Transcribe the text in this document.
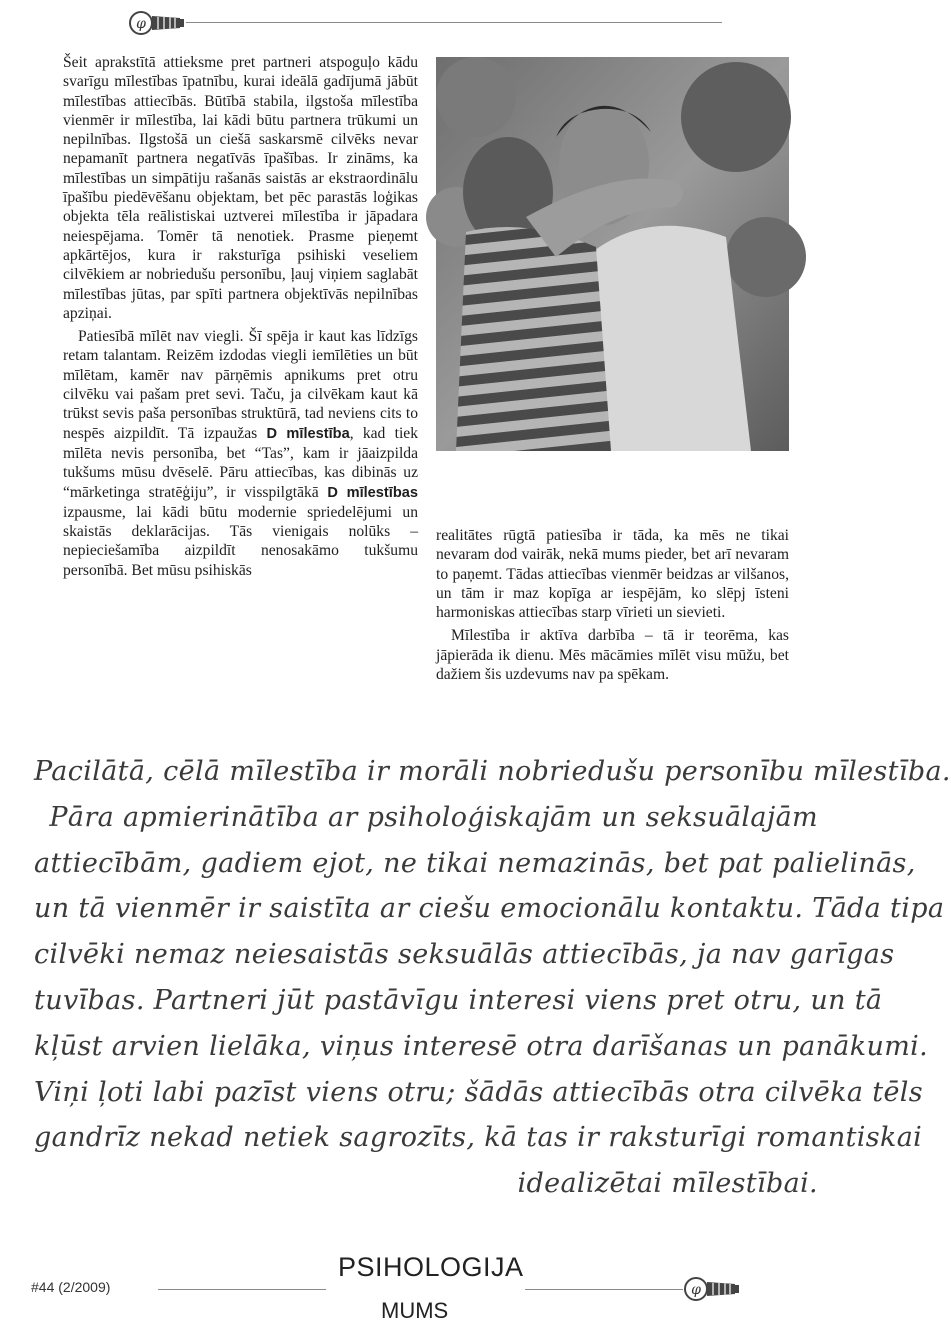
φ

Šeit aprakstītā attieksme pret partneri atspoguļo kādu svarīgu mīlestības īpatnību, kurai ideālā gadījumā jābūt mīlestības attiecībās. Būtībā stabila, ilgstoša mīlestība vienmēr ir mīlestība, lai kādi būtu partnera trūkumi un nepilnības. Ilgstošā un ciešā saskarsmē cilvēks nevar nepamanīt partnera negatīvās īpašības. Ir zināms, ka mīlestības un simpātiju rašanās saistās ar ekstraordinālu īpašību piedēvēšanu objektam, bet pēc parastās loģikas objekta tēla reālistiskai uztverei mīlestība ir jāpadara neiespējama. Tomēr tā nenotiek. Prasme pieņemt apkārtējos, kura ir raksturīga psihiski veseliem cilvēkiem ar nobriedušu personību, ļauj viņiem saglabāt mīlestības jūtas, par spīti partnera objektīvās nepilnības apziņai.

Patiesībā mīlēt nav viegli. Šī spēja ir kaut kas līdzīgs retam talantam. Reizēm izdodas viegli iemīlēties un būt mīlētam, kamēr nav pārņēmis apnikums pret otru cilvēku vai pašam pret sevi. Taču, ja cilvēkam kaut kā trūkst sevis paša personības struktūrā, tad neviens cits to nespēs aizpildīt. Tā izpaužas D mīlestība, kad tiek mīlēta nevis personība, bet “Tas”, kam ir jāaizpilda tukšums mūsu dvēselē. Pāru attiecības, kas dibinās uz “mārketinga stratēģiju”, ir visspilgtākā D mīlestības izpausme, lai kādi būtu modernie spriedelējumi un skaistās deklarācijas. Tās vienigais nolūks – nepieciešamība aizpildīt nenosakāmo tukšumu personībā. Bet mūsu psihiskās

realitātes rūgtā patiesība ir tāda, ka mēs ne tikai nevaram dod vairāk, nekā mums pieder, bet arī nevaram to paņemt. Tādas attiecības vienmēr beidzas ar vilšanos, un tām ir maz kopīga ar iespējām, ko slēpj īsteni harmoniskas attiecības starp vīrieti un sievieti.

Mīlestība ir aktīva darbība – tā ir teorēma, kas jāpierāda ik dienu. Mēs mācāmies mīlēt visu mūžu, bet dažiem šis uzdevums nav pa spēkam.

Pacilātā, cēlā mīlestība ir morāli nobriedušu personību mīlestība.
Pāra apmierinātība ar psiholoģiskajām un seksuālajām
attiecībām, gadiem ejot, ne tikai nemazinās, bet pat palielinās,
un tā vienmēr ir saistīta ar ciešu emocionālu kontaktu. Tāda tipa
cilvēki nemaz neiesaistās seksuālās attiecībās, ja nav garīgas
tuvības. Partneri jūt pastāvīgu interesi viens pret otru, un tā
kļūst arvien lielāka, viņus interesē otra darīšanas un panākumi.
Viņi ļoti labi pazīst viens otru; šādās attiecībās otra cilvēka tēls
gandrīz nekad netiek sagrozīts, kā tas ir raksturīgi romantiskai
idealizētai mīlestībai.
#44 (2/2009)
PSIHOLOGIJA
MUMS
φ
